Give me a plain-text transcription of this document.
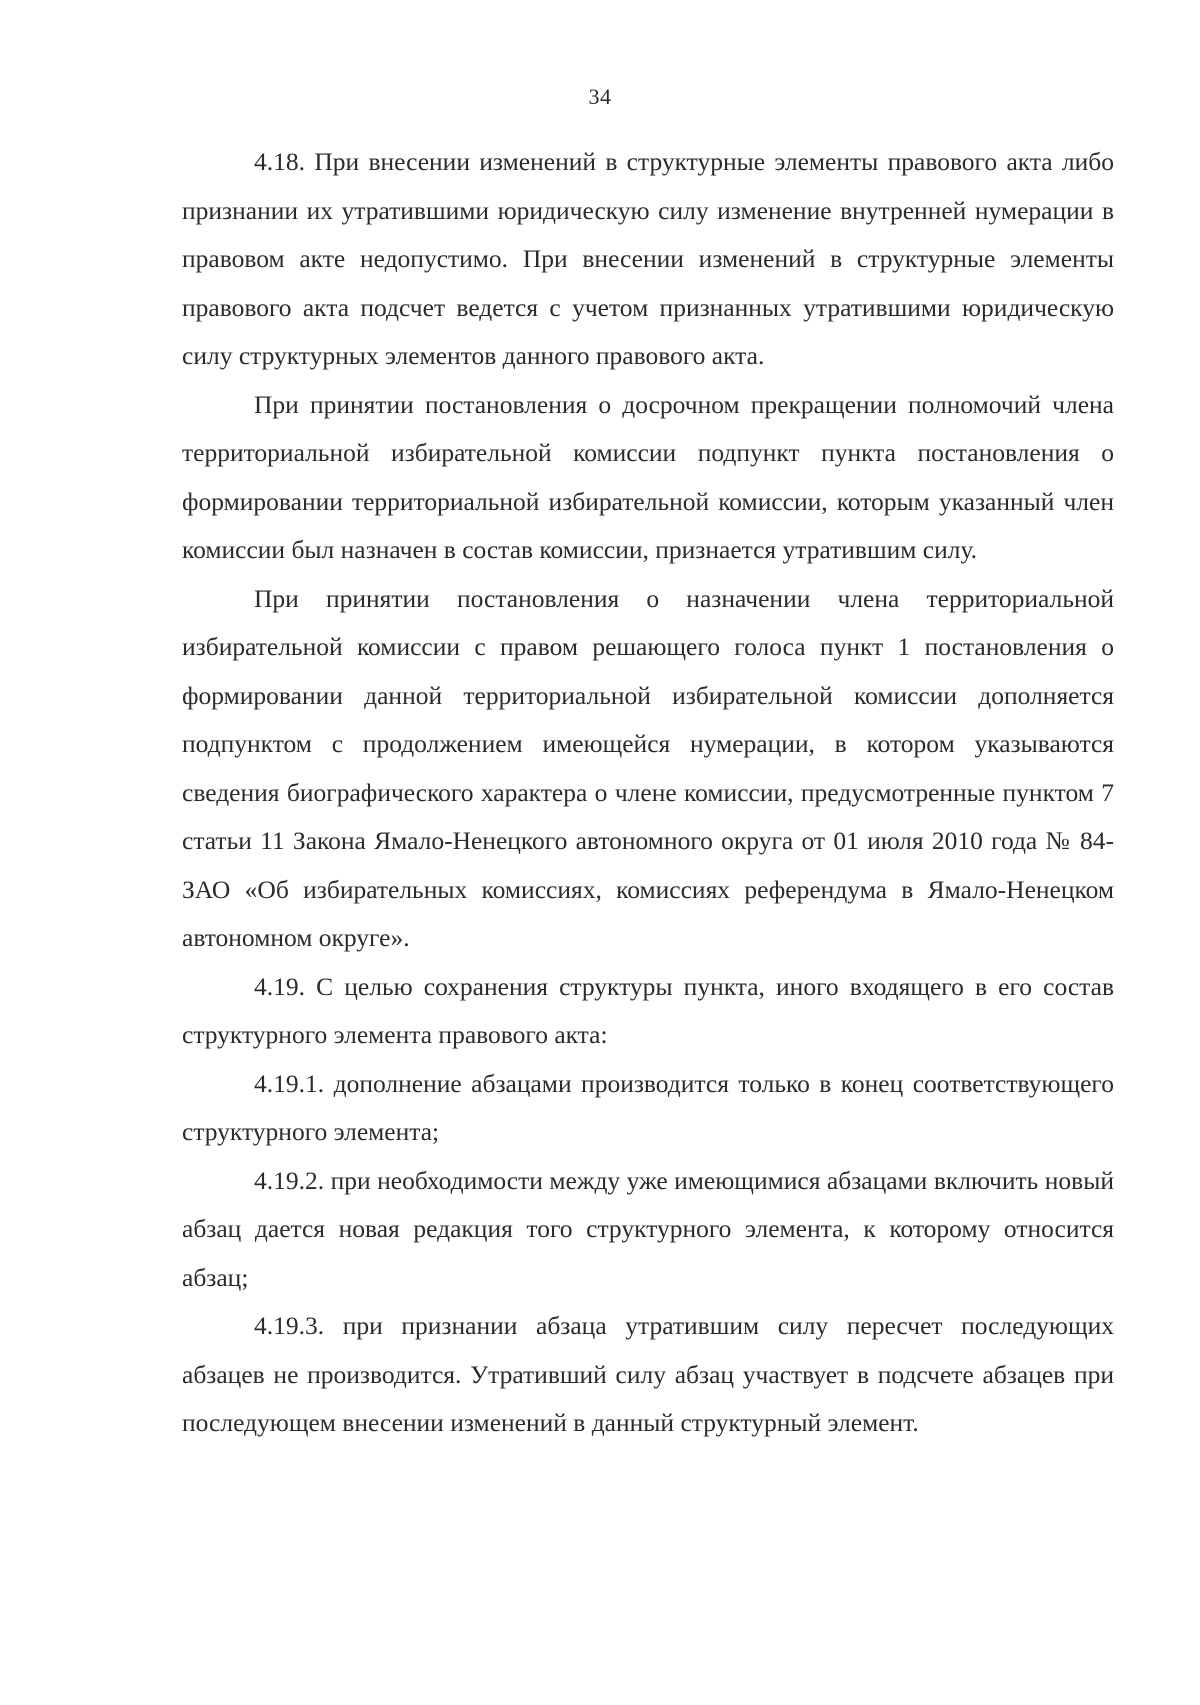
34

4.18. При внесении изменений в структурные элементы правового акта либо признании их утратившими юридическую силу изменение внутренней нумерации в правовом акте недопустимо. При внесении изменений в структурные элементы правового акта подсчет ведется с учетом признанных утратившими юридическую силу структурных элементов данного правового акта.

При принятии постановления о досрочном прекращении полномочий члена территориальной избирательной комиссии подпункт пункта постановления о формировании территориальной избирательной комиссии, которым указанный член комиссии был назначен в состав комиссии, признается утратившим силу.

При принятии постановления о назначении члена территориальной избирательной комиссии с правом решающего голоса пункт 1 постановления о формировании данной территориальной избирательной комиссии дополняется подпунктом с продолжением имеющейся нумерации, в котором указываются сведения биографического характера о члене комиссии, предусмотренные пунктом 7 статьи 11 Закона Ямало-Ненецкого автономного округа от 01 июля 2010 года № 84-ЗАО «Об избирательных комиссиях, комиссиях референдума в Ямало-Ненецком автономном округе».

4.19. С целью сохранения структуры пункта, иного входящего в его состав структурного элемента правового акта:

4.19.1. дополнение абзацами производится только в конец соответствующего структурного элемента;

4.19.2. при необходимости между уже имеющимися абзацами включить новый абзац дается новая редакция того структурного элемента, к которому относится абзац;

4.19.3. при признании абзаца утратившим силу пересчет последующих абзацев не производится. Утративший силу абзац участвует в подсчете абзацев при последующем внесении изменений в данный структурный элемент.
